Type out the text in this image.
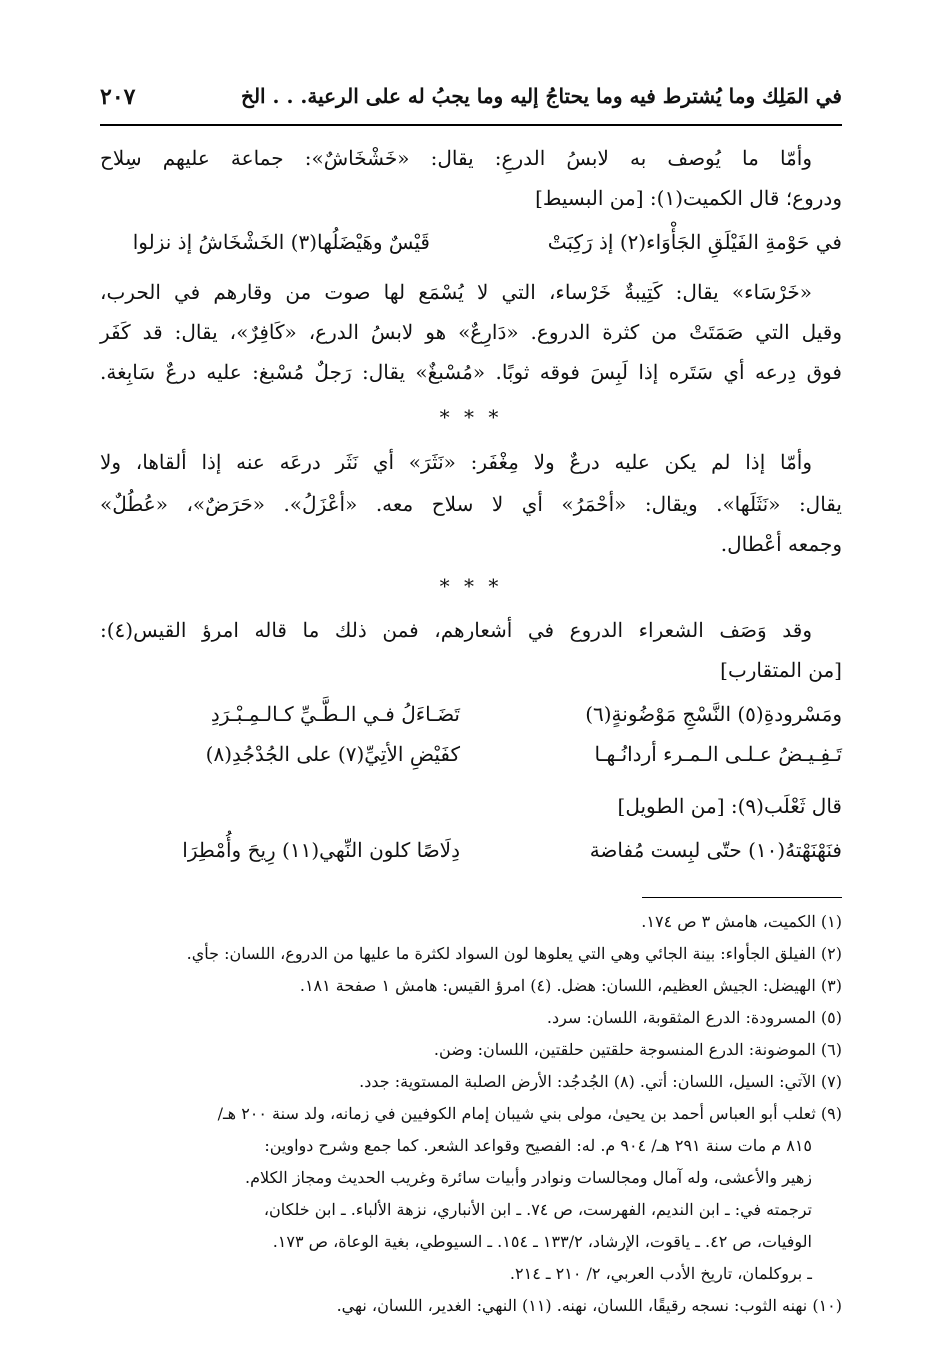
في المَلِك وما يُشترط فيه وما يحتاجُ إليه وما يجبُ له على الرعية. . . الخ
٢٠٧
وأمّا ما يُوصف به لابسُ الدرعِ: يقال: «خَشْخَاشٌ»: جماعة عليهم سِلاح
ودروع؛ قال الكميت(١): [من البسيط]
في حَوْمةِ الفَيْلَقِ الجَأْوَاء(٢) إذ رَكِبَتْ
قَيْسٌ وهَيْضَلُها(٣) الخَشْخَاشُ إذ نزلوا
«خَرْسَاء» يقال: كَتِيبةٌ خَرْساء، التي لا يُسْمَع لها صوت من وقارهم في الحرب،
وقيل التي صَمَتَتْ من كثرة الدروع. «دَارِعٌ» هو لابسُ الدرع، «كَافِرٌ»، يقال: قد كَفَر
فوق دِرعه أي سَتَره إذا لَبِسَ فوقه ثوبًا. «مُسْبغٌ» يقال: رَجلٌ مُسْبغ: عليه درعٌ سَابِغة.
* * *
وأمّا إذا لم يكن عليه درعٌ ولا مِغْفَر: «نَثَرَ» أي نَثَر درعَه عنه إذا ألقاها، ولا
يقال: «نَثَلَها». ويقال: «أحْمَرُ» أي لا سلاح معه. «أعْزَلُ». «حَرَضٌ»، «عُطُلٌ»
وجمعه أعْطال.
* * *
وقد وَصَف الشعراء الدروع في أشعارهم، فمن ذلك ما قاله امرؤ القيس(٤):
[من المتقارب]
ومَسْرودةِ(٥) النَّسْجِ مَوْضُونةٍ(٦)
تَضَـاءَلُ فـي الـطَّـيِّ كـالـمِـبْـرَدِ
تَـفِـيـضُ عـلـى الـمـرء أردانُـهـا
كفَيْضِ الأتِيِّ(٧) على الجُدْجُدِ(٨)
قال ثَعْلَب(٩): [من الطويل]
فنَهْنَهْتهُ(١٠) حتّى لبِست مُفاضة
دِلَاصًا كلون النِّهي(١١) رِيحَ وأُمْطِرَا
(١) الكميت، هامش ٣ ص ١٧٤.
(٢) الفيلق الجأواء: بينة الجائي وهي التي يعلوها لون السواد لكثرة ما عليها من الدروع، اللسان: جأي.
(٣) الهيضل: الجيش العظيم، اللسان: هضل. (٤) امرؤ القيس: هامش ١ صفحة ١٨١.
(٥) المسرودة: الدرع المثقوبة، اللسان: سرد.
(٦) الموضونة: الدرع المنسوجة حلقتين حلقتين، اللسان: وضن.
(٧) الآتي: السيل، اللسان: أتي. (٨) الجُدجُد: الأرض الصلبة المستوية: جدد.
(٩) ثعلب أبو العباس أحمد بن يحيىٰ، مولى بني شيبان إمام الكوفيين في زمانه، ولد سنة ٢٠٠ هـ/
٨١٥ م مات سنة ٢٩١ هـ/ ٩٠٤ م. له: الفصيح وقواعد الشعر. كما جمع وشرح دواوين:
زهير والأعشى، وله آمال ومجالسات ونوادر وأبيات سائرة وغريب الحديث ومجاز الكلام.
ترجمته في: ـ ابن النديم، الفهرست، ص ٧٤. ـ ابن الأنباري، نزهة الألباء. ـ ابن خلكان،
الوفيات، ص ٤٢. ـ ياقوت، الإرشاد، ١٣٣/٢ ـ ١٥٤. ـ السيوطي، بغية الوعاة، ص ١٧٣.
ـ بروكلمان، تاريخ الأدب العربي، ٢/ ٢١٠ ـ ٢١٤.
(١٠) نهنه الثوب: نسجه رقيقًا، اللسان، نهنه. (١١) النهي: الغدير، اللسان، نهي.
